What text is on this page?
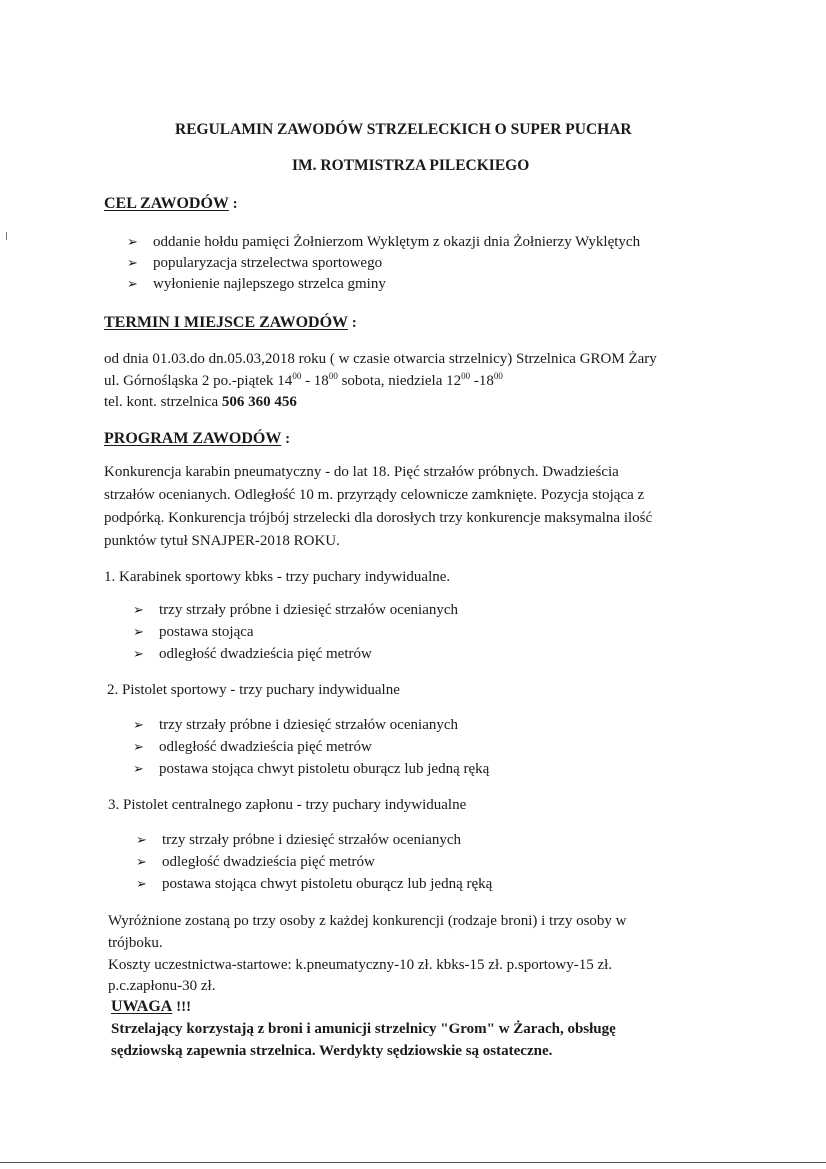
REGULAMIN ZAWODÓW STRZELECKICH O SUPER PUCHAR
IM. ROTMISTRZA PILECKIEGO
CEL ZAWODÓW :
➢ oddanie hołdu pamięci Żołnierzom Wyklętym z okazji dnia Żołnierzy Wyklętych
➢ popularyzacja strzelectwa sportowego
➢ wyłonienie najlepszego strzelca gminy
TERMIN I MIEJSCE ZAWODÓW :
od dnia 01.03.do dn.05.03,2018 roku ( w czasie otwarcia strzelnicy) Strzelnica GROM Żary
ul. Górnośląska 2 po.-piątek $14^{00} - 18^{00}$ sobota, niedziela $12^{00}$ $-18^{00}$
tel. kont. strzelnica 506 360 456
PROGRAM ZAWODÓW :
Konkurencja karabin pneumatyczny - do lat 18. Pięć strzałów próbnych. Dwadzieścia
strzałów ocenianych. Odległość 10 m. przyrządy celownicze zamknięte. Pozycja stojąca z
podpórką. Konkurencja trójbój strzelecki dla dorosłych trzy konkurencje maksymalna ilość
punktów tytuł SNAJPER-2018 ROKU.
1. Karabinek sportowy kbks - trzy puchary indywidualne.
➢ trzy strzały próbne i dziesięć strzałów ocenianych
➢ postawa stojąca
➢ odległość dwadzieścia pięć metrów
2. Pistolet sportowy - trzy puchary indywidualne
➢ trzy strzały próbne i dziesięć strzałów ocenianych
➢ odległość dwadzieścia pięć metrów
➢ postawa stojąca chwyt pistoletu oburącz lub jedną ręką
3. Pistolet centralnego zapłonu - trzy puchary indywidualne
➢ trzy strzały próbne i dziesięć strzałów ocenianych
➢ odległość dwadzieścia pięć metrów
➢ postawa stojąca chwyt pistoletu oburącz lub jedną ręką
Wyróżnione zostaną po trzy osoby z każdej konkurencji (rodzaje broni) i trzy osoby w
trójboku.
Koszty uczestnictwa-startowe: k.pneumatyczny-10 zł. kbks-15 zł. p.sportowy-15 zł.
p.c.zapłonu-30 zł.
UWAGA !!!
Strzelający korzystają z broni i amunicji strzelnicy "Grom" w Żarach, obsługę
sędziowską zapewnia strzelnica. Werdykty sędziowskie są ostateczne.
